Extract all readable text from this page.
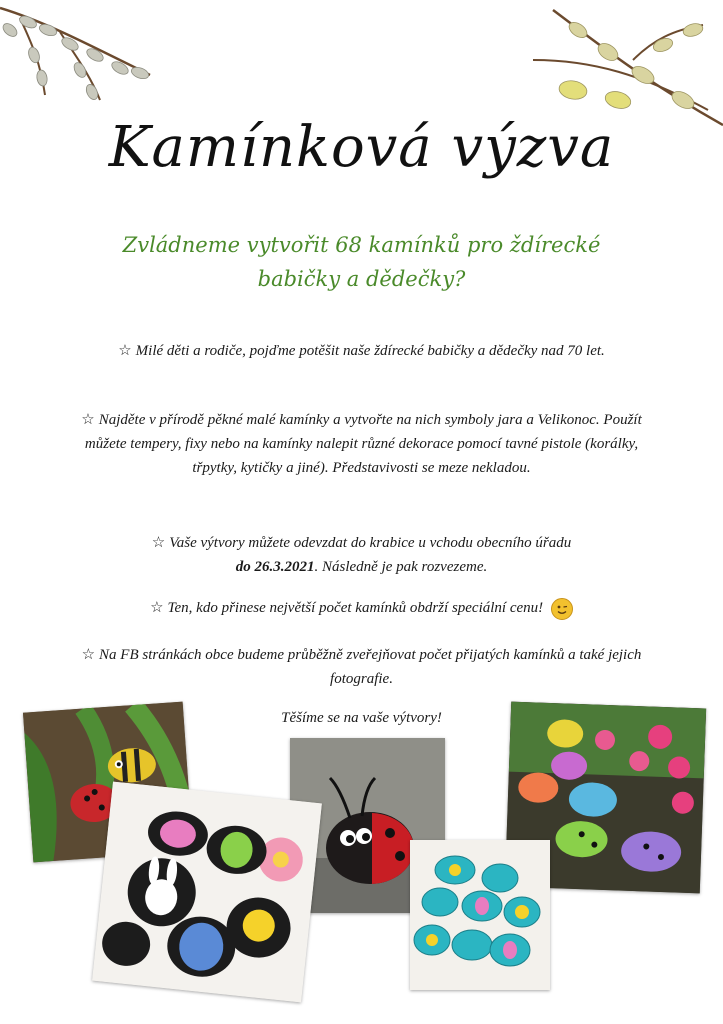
Kamínková výzva
Zvládneme vytvořit 68 kamínků pro ždírecké
babičky a dědečky?
☆ Milé děti a rodiče, pojďme potěšit naše ždírecké babičky a dědečky nad 70 let.
☆ Najděte v přírodě pěkné malé kamínky a vytvořte na nich symboly jara a Velikonoc. Použít můžete tempery, fixy nebo na kamínky nalepit různé dekorace pomocí tavné pistole (korálky, třpytky, kytičky a jiné). Představivosti se meze nekladou.
☆ Vaše výtvory můžete odevzdat do krabice u vchodu obecního úřadu
do 26.3.2021. Následně je pak rozvezeme.
☆ Ten, kdo přinese největší počet kamínků obdrží speciální cenu!
☆ Na FB stránkách obce budeme průběžně zveřejňovat počet přijatých kamínků a také jejich fotografie.
Těšíme se na vaše výtvory!
